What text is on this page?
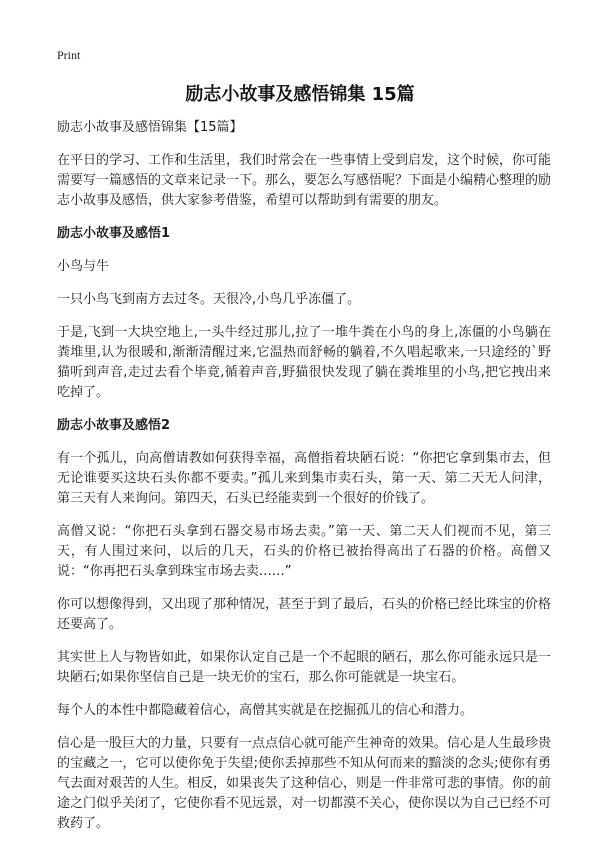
Print
励志小故事及感悟锦集 15篇

励志小故事及感悟锦集【15篇】

在平日的学习、工作和生活里，我们时常会在一些事情上受到启发，这个时候，你可能需要写一篇感悟的文章来记录一下。那么，要怎么写感悟呢？下面是小编精心整理的励志小故事及感悟，供大家参考借鉴，希望可以帮助到有需要的朋友。

励志小故事及感悟1

小鸟与牛

一只小鸟飞到南方去过冬。天很冷,小鸟几乎冻僵了。

于是,飞到一大块空地上,一头牛经过那儿,拉了一堆牛粪在小鸟的身上,冻僵的小鸟躺在粪堆里,认为很暖和,渐渐清醒过来,它温热而舒畅的躺着,不久唱起歌来,一只途经的`野猫听到声音,走过去看个毕竟,循着声音,野猫很快发现了躺在粪堆里的小鸟,把它拽出来吃掉了。

励志小故事及感悟2

有一个孤儿，向高僧请教如何获得幸福，高僧指着块陋石说：“你把它拿到集市去，但无论谁要买这块石头你都不要卖。”孤儿来到集市卖石头，第一天、第二天无人问津，第三天有人来询问。第四天，石头已经能卖到一个很好的价钱了。

高僧又说：“你把石头拿到石器交易市场去卖。”第一天、第二天人们视而不见，第三天，有人围过来问，以后的几天，石头的价格已被抬得高出了石器的价格。高僧又说：“你再把石头拿到珠宝市场去卖……”

你可以想像得到，又出现了那种情况，甚至于到了最后，石头的价格已经比珠宝的价格还要高了。

其实世上人与物皆如此，如果你认定自己是一个不起眼的陋石，那么你可能永远只是一块陋石;如果你坚信自己是一块无价的宝石，那么你可能就是一块宝石。

每个人的本性中都隐藏着信心，高僧其实就是在挖掘孤儿的信心和潜力。

信心是一股巨大的力量，只要有一点点信心就可能产生神奇的效果。信心是人生最珍贵的宝藏之一，它可以使你免于失望;使你丢掉那些不知从何而来的黯淡的念头;使你有勇气去面对艰苦的人生。相反，如果丧失了这种信心，则是一件非常可悲的事情。你的前途之门似乎关闭了，它使你看不见远景，对一切都漠不关心，使你误以为自己已经不可救药了。
